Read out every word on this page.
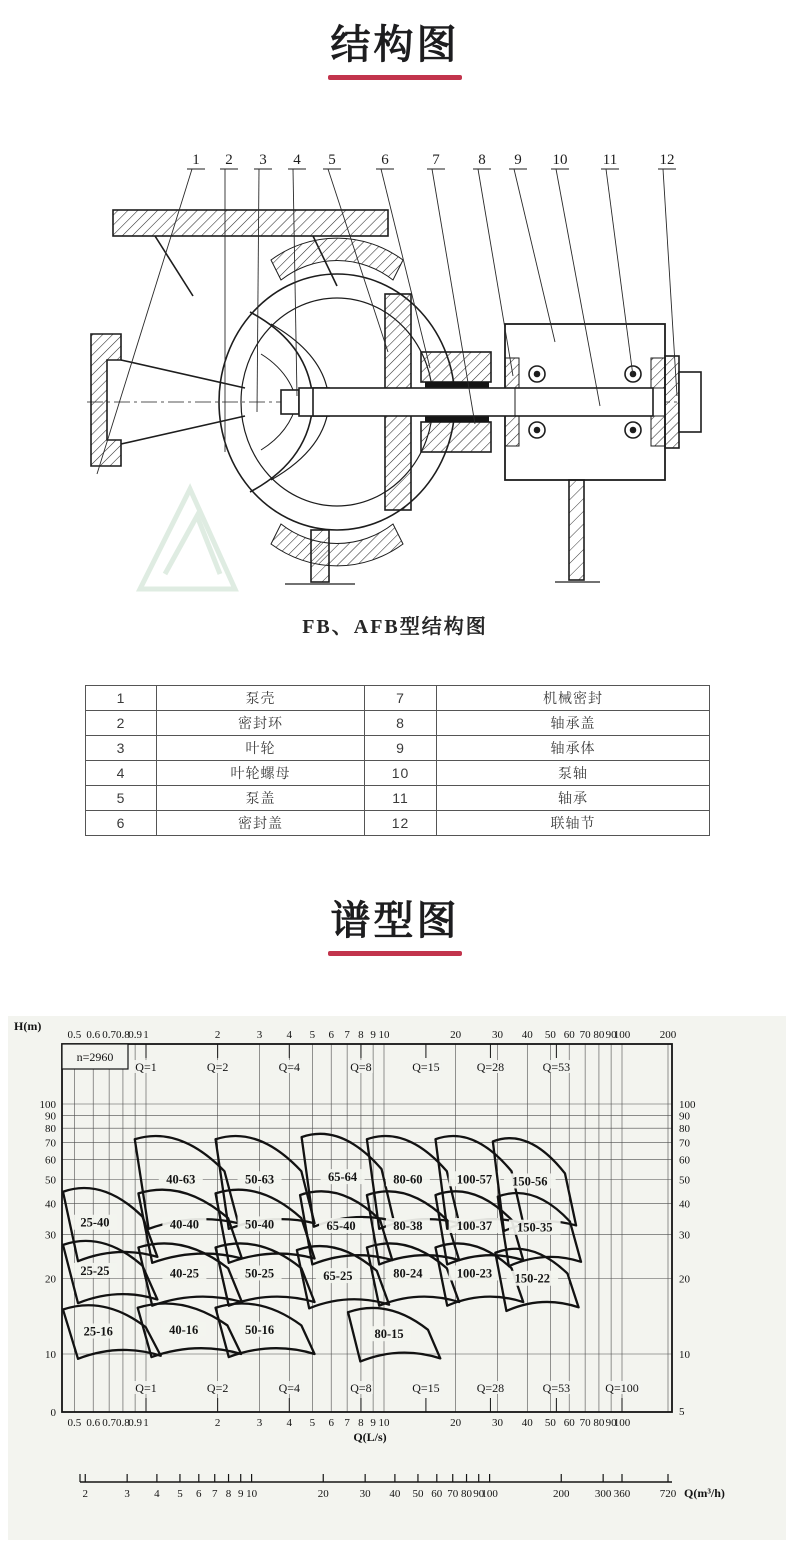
结构图
1 2 3 4 5	6	7	8 9 10 11	12
FB、AFB型结构图
1	泵壳	7	机械密封
2	密封环	8	轴承盖
3	叶轮	9	轴承体
4	叶轮螺母	10	泵轴
5	泵盖	11	轴承
6	密封盖	12	联轴节
谱型图
40-63	50-63	65-64	80-60	100-57 150-56
25-40	40-40	50-40	65-40	80-38	100-37 150-35
25-25	40-25	50-25	65-25	80-24	100-23 150-22
25-16	40-16	50-16	80-15
n=2960
Q=1	Q=2	Q=4	Q=8	Q=15	Q=28	Q=53
Q=1	Q=2	Q=4	Q=8	Q=15	Q=28	Q=53	Q=100
0.5 0.6 0.7 0.8
0.9 1	2	3 4 5 6 7 8 9 10	20	30 40 50 60 70 80 90
100	200
0.5 0.6 0.7 0.8
0.9 1	2	3 4 5 6 7 8 9 10	20	30 40 50 60 70 80 90
100
100
90
80
70
60
50
40
30
20
10
0
100
90
80
70
60
50
40
30
20
10
5
H(m)
Q(L/s)
2	3 4 5 6 7 8 9 10	20	30 40 50 60 70 80 90
100	200 300 360	720 Q(m³/h)
